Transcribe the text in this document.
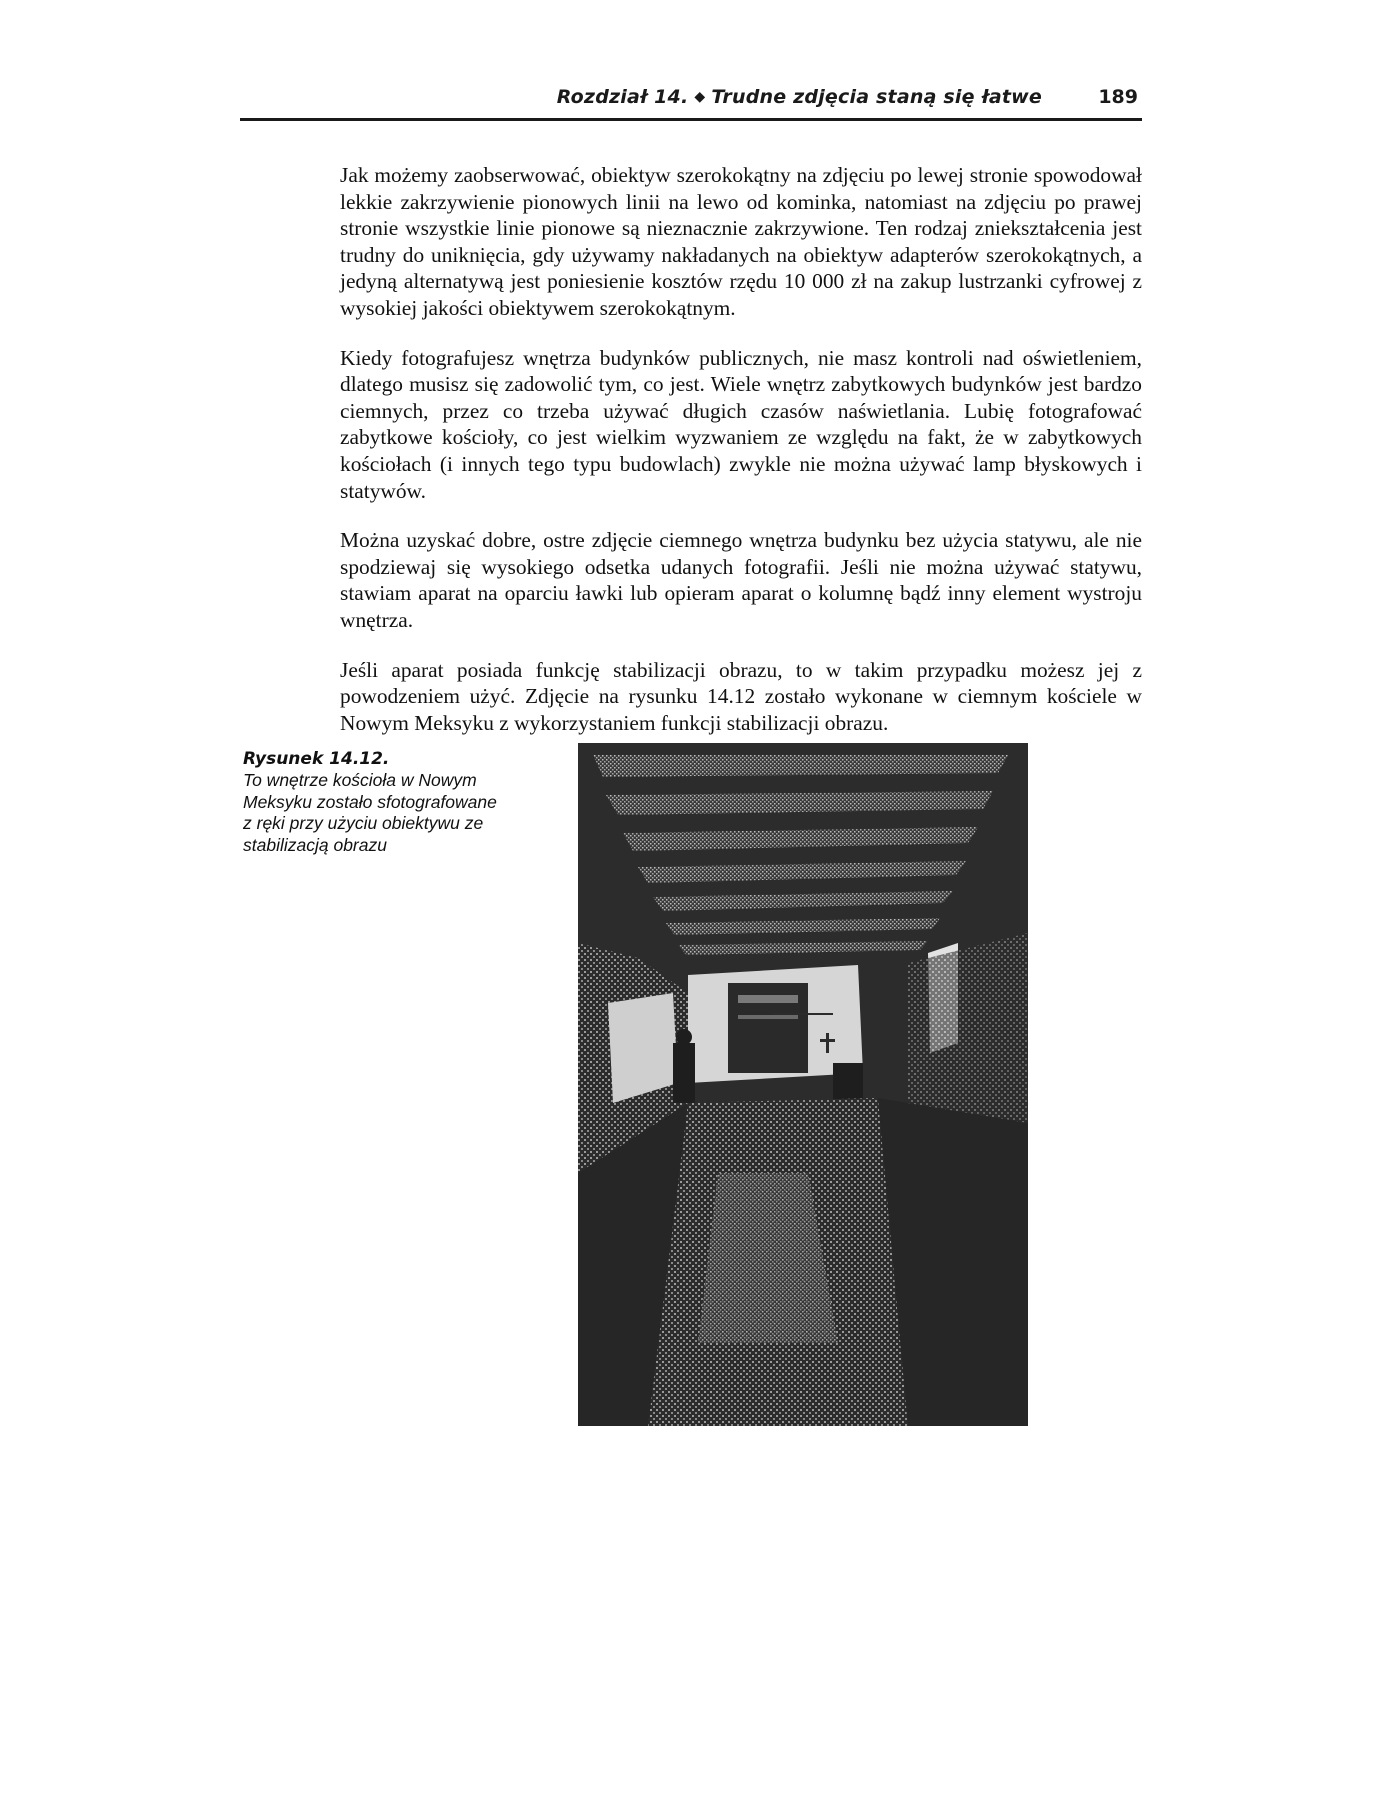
Rozdział 14. ◆ Trudne zdjęcia staną się łatwe	189

Jak możemy zaobserwować, obiektyw szerokokątny na zdjęciu po lewej stronie spowodował lekkie zakrzywienie pionowych linii na lewo od kominka, natomiast na zdjęciu po prawej stronie wszystkie linie pionowe są nieznacznie zakrzywione. Ten rodzaj zniekształcenia jest trudny do uniknięcia, gdy używamy nakładanych na obiektyw adapterów szerokokątnych, a jedyną alternatywą jest poniesienie kosztów rzędu 10 000 zł na zakup lustrzanki cyfrowej z wysokiej jakości obiektywem szerokokątnym.

Kiedy fotografujesz wnętrza budynków publicznych, nie masz kontroli nad oświetleniem, dlatego musisz się zadowolić tym, co jest. Wiele wnętrz zabytkowych budynków jest bardzo ciemnych, przez co trzeba używać długich czasów naświetlania. Lubię fotografować zabytkowe kościoły, co jest wielkim wyzwaniem ze względu na fakt, że w zabytkowych kościołach (i innych tego typu budowlach) zwykle nie można używać lamp błyskowych i statywów.

Można uzyskać dobre, ostre zdjęcie ciemnego wnętrza budynku bez użycia statywu, ale nie spodziewaj się wysokiego odsetka udanych fotografii. Jeśli nie można używać statywu, stawiam aparat na oparciu ławki lub opieram aparat o kolumnę bądź inny element wystroju wnętrza.

Jeśli aparat posiada funkcję stabilizacji obrazu, to w takim przypadku możesz jej z powodzeniem użyć. Zdjęcie na rysunku 14.12 zostało wykonane w ciemnym kościele w Nowym Meksyku z wykorzystaniem funkcji stabilizacji obrazu.

Rysunek 14.12.
To wnętrze kościoła w Nowym Meksyku zostało sfotografowane z ręki przy użyciu obiektywu ze stabilizacją obrazu
